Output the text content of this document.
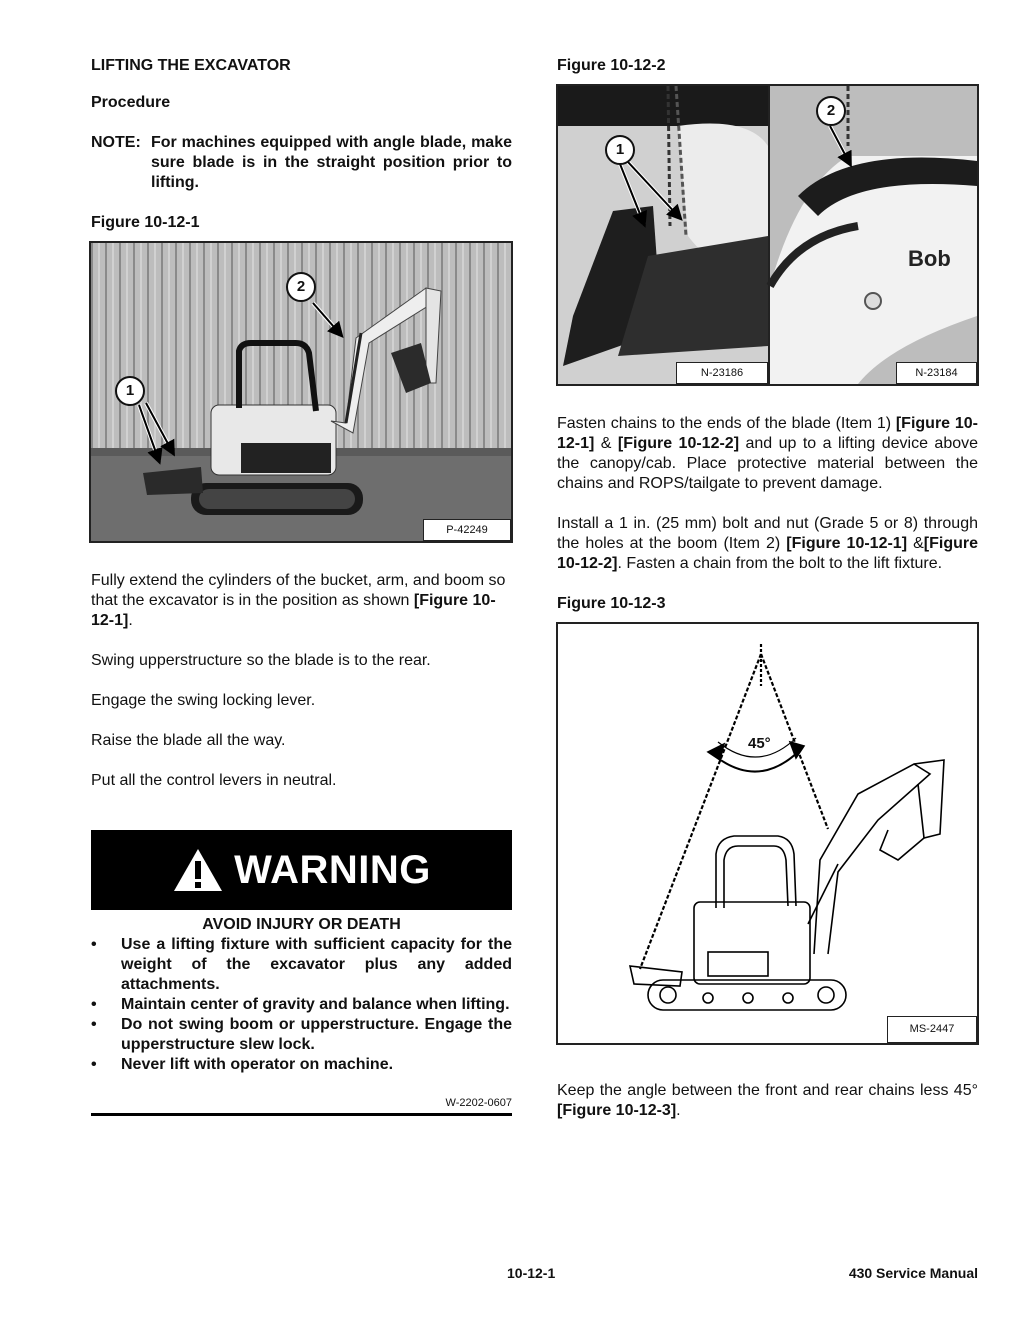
LIFTING THE EXCAVATOR
Procedure
NOTE: For machines equipped with angle blade, make sure blade is in the straight position prior to lifting.
Figure 10-12-1
1
2
P-42249
Fully extend the cylinders of the bucket, arm, and boom so that the excavator is in the position as shown [Figure 10-12-1].
Swing upperstructure so the blade is to the rear.
Engage the swing locking lever.
Raise the blade all the way.
Put all the control levers in neutral.
WARNING
AVOID INJURY OR DEATH
• Use a lifting fixture with sufficient capacity for the weight of the excavator plus any added attachments.
• Maintain center of gravity and balance when lifting.
• Do not swing boom or upperstructure. Engage the upperstructure slew lock.
• Never lift with operator on machine.
W-2202-0607
Figure 10-12-2
Bob
1
2
N-23186	N-23184
Fasten chains to the ends of the blade (Item 1) [Figure 10-12-1] & [Figure 10-12-2] and up to a lifting device above the canopy/cab. Place protective material between the chains and ROPS/tailgate to prevent damage.
Install a 1 in. (25 mm) bolt and nut (Grade 5 or 8) through the holes at the boom (Item 2) [Figure 10-12-1] &[Figure 10-12-2]. Fasten a chain from the bolt to the lift fixture.
Figure 10-12-3
45°
MS-2447
Keep the angle between the front and rear chains less 45° [Figure 10-12-3].
10-12-1	430 Service Manual
